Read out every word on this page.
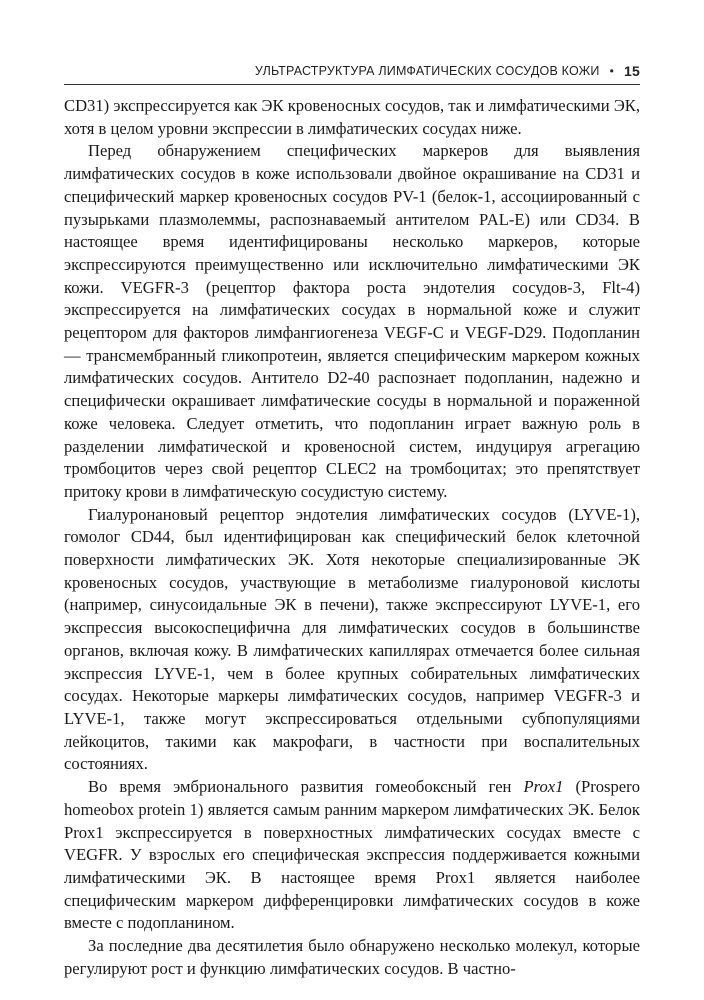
УЛЬТРАСТРУКТУРА ЛИМФАТИЧЕСКИХ СОСУДОВ КОЖИ • 15

CD31) экспрессируется как ЭК кровеносных сосудов, так и лимфатическими ЭК, хотя в целом уровни экспрессии в лимфатических сосудах ниже.

Перед обнаружением специфических маркеров для выявления лимфатических сосудов в коже использовали двойное окрашивание на CD31 и специфический маркер кровеносных сосудов PV-1 (белок-1, ассоциированный с пузырьками плазмолеммы, распознаваемый антителом PAL-E) или CD34. В настоящее время идентифицированы несколько маркеров, которые экспрессируются преимущественно или исключительно лимфатическими ЭК кожи. VEGFR-3 (рецептор фактора роста эндотелия сосудов-3, Flt-4) экспрессируется на лимфатических сосудах в нормальной коже и служит рецептором для факторов лимфангиогенеза VEGF-C и VEGF-D29. Подопланин — трансмембранный гликопротеин, является специфическим маркером кожных лимфатических сосудов. Антитело D2-40 распознает подопланин, надежно и специфически окрашивает лимфатические сосуды в нормальной и пораженной коже человека. Следует отметить, что подопланин играет важную роль в разделении лимфатической и кровеносной систем, индуцируя агрегацию тромбоцитов через свой рецептор CLEC2 на тромбоцитах; это препятствует притоку крови в лимфатическую сосудистую систему.

Гиалуронановый рецептор эндотелия лимфатических сосудов (LYVE-1), гомолог CD44, был идентифицирован как специфический белок клеточной поверхности лимфатических ЭК. Хотя некоторые специализированные ЭК кровеносных сосудов, участвующие в метаболизме гиалуроновой кислоты (например, синусоидальные ЭК в печени), также экспрессируют LYVE-1, его экспрессия высокоспецифична для лимфатических сосудов в большинстве органов, включая кожу. В лимфатических капиллярах отмечается более сильная экспрессия LYVE-1, чем в более крупных собирательных лимфатических сосудах. Некоторые маркеры лимфатических сосудов, например VEGFR-3 и LYVE-1, также могут экспрессироваться отдельными субпопуляциями лейкоцитов, такими как макрофаги, в частности при воспалительных состояниях.

Во время эмбрионального развития гомеобоксный ген Prox1 (Prospero homeobox protein 1) является самым ранним маркером лимфатических ЭК. Белок Prox1 экспрессируется в поверхностных лимфатических сосудах вместе с VEGFR. У взрослых его специфическая экспрессия поддерживается кожными лимфатическими ЭК. В настоящее время Prox1 является наиболее специфическим маркером дифференцировки лимфатических сосудов в коже вместе с подопланином.

За последние два десятилетия было обнаружено несколько молекул, которые регулируют рост и функцию лимфатических сосудов. В частно-
